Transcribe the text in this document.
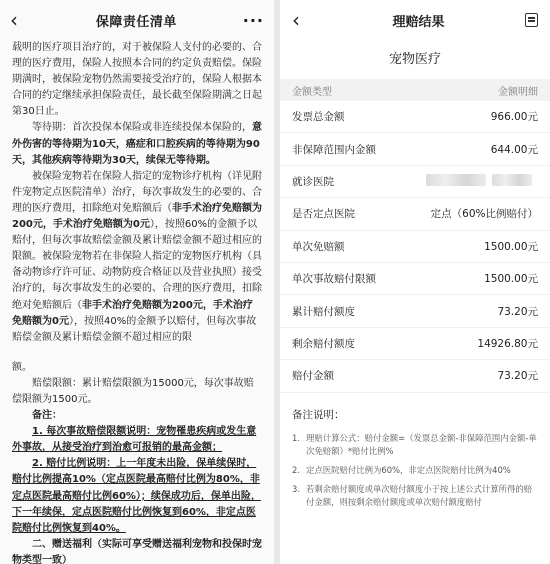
‹	保障责任清单	···

载明的医疗项目治疗的，对于被保险人支付的必要的、合理的医疗费用，保险人按照本合同的约定负责赔偿。保险期满时，被保险宠物仍然需要接受治疗的，保险人根据本合同的约定继续承担保险责任，最长截至保险期满之日起第30日止。

等待期：首次投保本保险或非连续投保本保险的，意外伤害的等待期为10天，癌症和口腔疾病的等待期为90天，其他疾病等待期为30天，续保无等待期。

被保险宠物若在保险人指定的宠物诊疗机构（详见附件宠物定点医院清单）治疗，每次事故发生的必要的、合理的医疗费用，扣除绝对免赔额后（非手术治疗免赔额为200元，手术治疗免赔额为0元），按照60%的金额予以赔付，但每次事故赔偿金额及累计赔偿金额不超过相应的限额。被保险宠物若在非保险人指定的宠物医疗机构（具备动物诊疗许可证、动物防疫合格证以及营业执照）接受治疗的，每次事故发生的必要的、合理的医疗费用，扣除绝对免赔额后（非手术治疗免赔额为200元，手术治疗免赔额为0元），按照40%的金额予以赔付，但每次事故赔偿金额及累计赔偿金额不超过相应的限

额。

赔偿限额：累计赔偿限额为15000元，每次事故赔偿限额为1500元。

备注：

1. 每次事故赔偿限额说明：宠物罹患疾病或发生意外事故，从接受治疗到治愈可报销的最高金额；

2. 赔付比例说明：上一年度未出险，保单续保时，赔付比例提高10%（定点医院最高赔付比例为80%，非定点医院最高赔付比例60%）；续保成功后，保单出险，下一年续保，定点医院赔付比例恢复到60%，非定点医院赔付比例恢复到40%。

二、赠送福利（实际可享受赠送福利宠物和投保时宠物类型一致）

‹	理赔结果
宠物医疗
金额类型	金额明细
发票总金额	966.00元
非保障范围内金额	644.00元
就诊医院
是否定点医院	定点（60%比例赔付）
单次免赔额	1500.00元
单次事故赔付限额	1500.00元
累计赔付额度	73.20元
剩余赔付额度	14926.80元
赔付金额	73.20元
备注说明：
1. 理赔计算公式：赔付金额=（发票总金额-非保障范围内金额-单次免赔额）*赔付比例%
2. 定点医院赔付比例为60%，非定点医院赔付比例为40%
3. 若剩余赔付额度或单次赔付额度小于按上述公式计算所得的赔付金额，则按剩余赔付额度或单次赔付额度赔付
